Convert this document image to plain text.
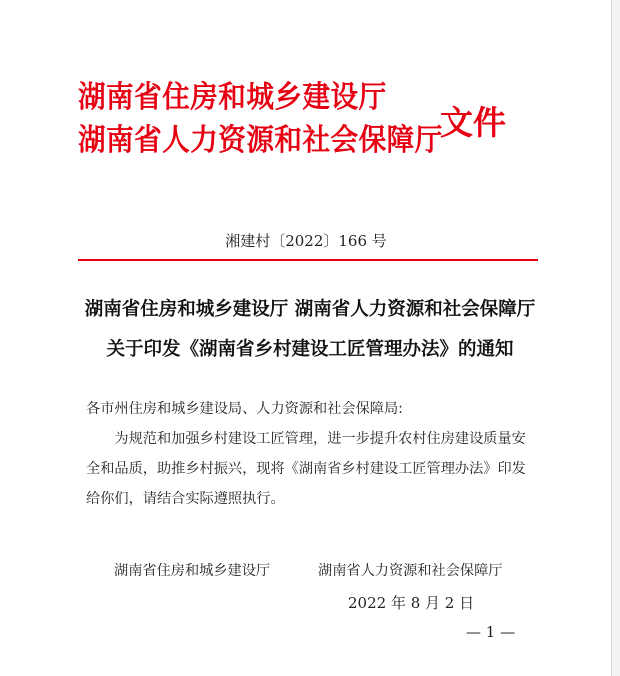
湖南省住房和城乡建设厅
湖南省人力资源和社会保障厅
文件
湘建村〔2022〕166 号
湖南省住房和城乡建设厅 湖南省人力资源和社会保障厅
关于印发《湖南省乡村建设工匠管理办法》的通知
各市州住房和城乡建设局、人力资源和社会保障局:
为规范和加强乡村建设工匠管理，进一步提升农村住房建设质量安全和品质，助推乡村振兴，现将《湖南省乡村建设工匠管理办法》印发给你们，请结合实际遵照执行。
湖南省住房和城乡建设厅	湖南省人力资源和社会保障厅
2022 年 8 月 2 日
— 1 —
